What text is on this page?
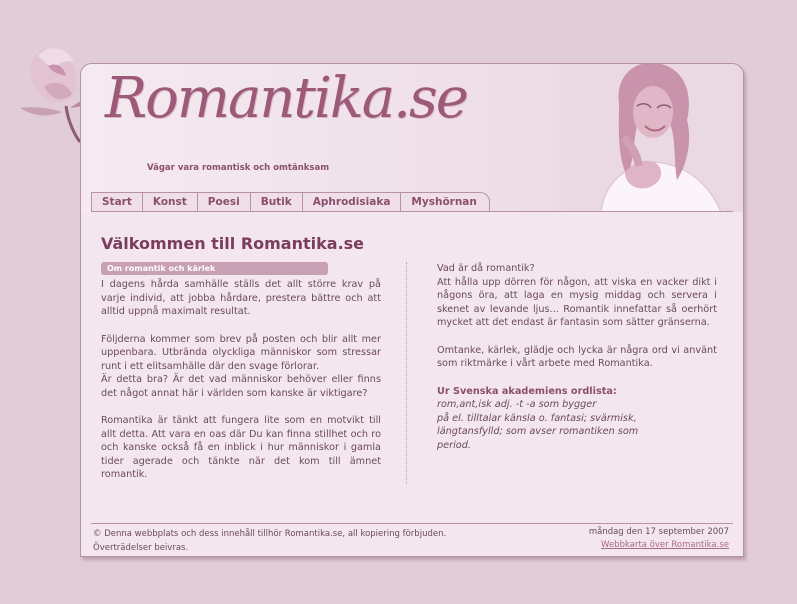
Romantika.se
Vägar vara romantisk och omtänksam
Start	Konst	Poesi	Butik	Aphrodisiaka	Myshörnan
Välkommen till Romantika.se
Om romantik och kärlek

I dagens hårda samhälle ställs det allt större krav på varje individ, att jobba hårdare, prestera bättre och att alltid uppnå maximalt resultat.

Följderna kommer som brev på posten och blir allt mer uppenbara. Utbrända olyckliga människor som stressar runt i ett elitsamhälle där den svage förlorar.

Är detta bra? Är det vad människor behöver eller finns det något annat här i världen som kanske är viktigare?

Romantika är tänkt att fungera lite som en motvikt till allt detta. Att vara en oas där Du kan finna stillhet och ro och kanske också få en inblick i hur människor i gamla tider agerade och tänkte när det kom till ämnet romantik.

Vad är då romantik?

Att hålla upp dörren för någon, att viska en vacker dikt i någons öra, att laga en mysig middag och servera i skenet av levande ljus... Romantik innefattar så oerhört mycket att det endast är fantasin som sätter gränserna.

Omtanke, kärlek, glädje och lycka är några ord vi använt som riktmärke i vårt arbete med Romantika.

Ur Svenska akademiens ordlista:
rom,ant,isk adj. -t -a som bygger
på el. tilltalar känsla o. fantasi; svärmisk,
längtansfylld; som avser romantiken som
period.
© Denna webbplats och dess innehåll tillhör Romantika.se, all kopiering förbjuden.
Överträdelser beivras.
måndag den 17 september 2007
Webbkarta över Romantika.se
